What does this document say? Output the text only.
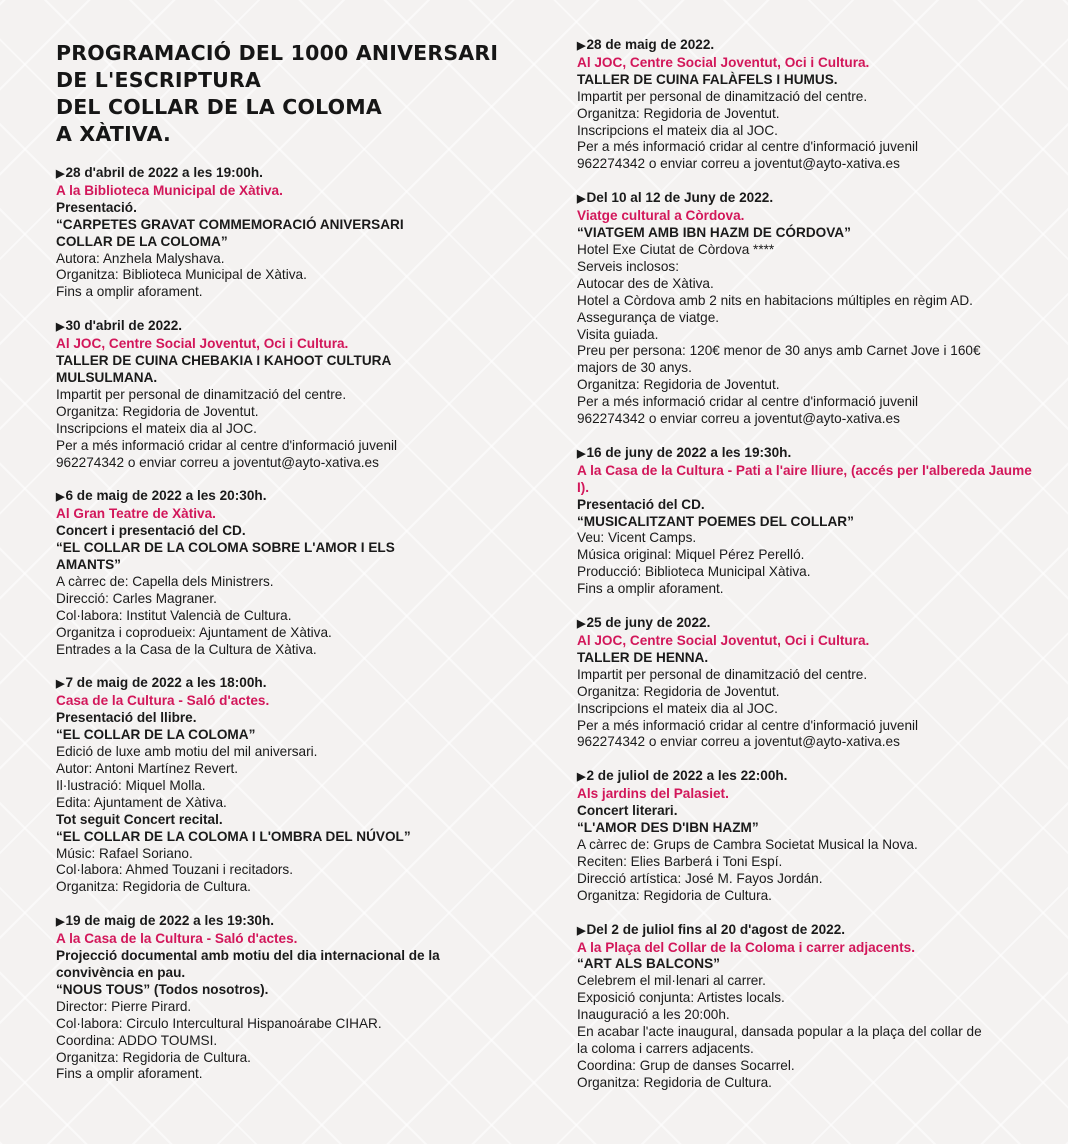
PROGRAMACIÓ DEL 1000 ANIVERSARI
DE L'ESCRIPTURA
DEL COLLAR DE LA COLOMA
A XÀTIVA.
▶28 d'abril de 2022 a les 19:00h.
A la Biblioteca Municipal de Xàtiva.
Presentació.
“CARPETES GRAVAT COMMEMORACIÓ ANIVERSARI
COLLAR DE LA COLOMA”
Autora: Anzhela Malyshava.
Organitza: Biblioteca Municipal de Xàtiva.
Fins a omplir aforament.
▶30 d'abril de 2022.
Al JOC, Centre Social Joventut, Oci i Cultura.
TALLER DE CUINA CHEBAKIA I KAHOOT CULTURA
MULSULMANA.
Impartit per personal de dinamització del centre.
Organitza: Regidoria de Joventut.
Inscripcions el mateix dia al JOC.
Per a més informació cridar al centre d'informació juvenil
962274342 o enviar correu a joventut@ayto-xativa.es
▶6 de maig de 2022 a les 20:30h.
Al Gran Teatre de Xàtiva.
Concert i presentació del CD.
“EL COLLAR DE LA COLOMA SOBRE L'AMOR I ELS
AMANTS”
A càrrec de: Capella dels Ministrers.
Direcció: Carles Magraner.
Col·labora: Institut Valencià de Cultura.
Organitza i coprodueix: Ajuntament de Xàtiva.
Entrades a la Casa de la Cultura de Xàtiva.
▶7 de maig de 2022 a les 18:00h.
Casa de la Cultura - Saló d'actes.
Presentació del llibre.
“EL COLLAR DE LA COLOMA”
Edició de luxe amb motiu del mil aniversari.
Autor: Antoni Martínez Revert.
Il·lustració: Miquel Molla.
Edita: Ajuntament de Xàtiva.
Tot seguit Concert recital.
“EL COLLAR DE LA COLOMA I L'OMBRA DEL NÚVOL”
Músic: Rafael Soriano.
Col·labora: Ahmed Touzani i recitadors.
Organitza: Regidoria de Cultura.
▶19 de maig de 2022 a les 19:30h.
A la Casa de la Cultura - Saló d'actes.
Projecció documental amb motiu del dia internacional de la
convivència en pau.
“NOUS TOUS” (Todos nosotros).
Director: Pierre Pirard.
Col·labora: Circulo Intercultural Hispanoárabe CIHAR.
Coordina: ADDO TOUMSI.
Organitza: Regidoria de Cultura.
Fins a omplir aforament.
▶28 de maig de 2022.
Al JOC, Centre Social Joventut, Oci i Cultura.
TALLER DE CUINA FALÀFELS I HUMUS.
Impartit per personal de dinamització del centre.
Organitza: Regidoria de Joventut.
Inscripcions el mateix dia al JOC.
Per a més informació cridar al centre d'informació juvenil
962274342 o enviar correu a joventut@ayto-xativa.es
▶Del 10 al 12 de Juny de 2022.
Viatge cultural a Còrdova.
“VIATGEM AMB IBN HAZM DE CÓRDOVA”
Hotel Exe Ciutat de Còrdova ****
Serveis inclosos:
Autocar des de Xàtiva.
Hotel a Còrdova amb 2 nits en habitacions múltiples en règim AD.
Assegurança de viatge.
Visita guiada.
Preu per persona: 120€ menor de 30 anys amb Carnet Jove i 160€
majors de 30 anys.
Organitza: Regidoria de Joventut.
Per a més informació cridar al centre d'informació juvenil
962274342 o enviar correu a joventut@ayto-xativa.es
▶16 de juny de 2022 a les 19:30h.
A la Casa de la Cultura - Pati a l'aire lliure, (accés per l'albereda Jaume I).
Presentació del CD.
“MUSICALITZANT POEMES DEL COLLAR”
Veu: Vicent Camps.
Música original: Miquel Pérez Perelló.
Producció: Biblioteca Municipal Xàtiva.
Fins a omplir aforament.
▶25 de juny de 2022.
Al JOC, Centre Social Joventut, Oci i Cultura.
TALLER DE HENNA.
Impartit per personal de dinamització del centre.
Organitza: Regidoria de Joventut.
Inscripcions el mateix dia al JOC.
Per a més informació cridar al centre d'informació juvenil
962274342 o enviar correu a joventut@ayto-xativa.es
▶2 de juliol de 2022 a les 22:00h.
Als jardins del Palasiet.
Concert literari.
“L'AMOR DES D'IBN HAZM”
A càrrec de: Grups de Cambra Societat Musical la Nova.
Reciten: Elies Barberá i Toni Espí.
Direcció artística: José M. Fayos Jordán.
Organitza: Regidoria de Cultura.
▶Del 2 de juliol fins al 20 d'agost de 2022.
A la Plaça del Collar de la Coloma i carrer adjacents.
“ART ALS BALCONS”
Celebrem el mil·lenari al carrer.
Exposició conjunta: Artistes locals.
Inauguració a les 20:00h.
En acabar l'acte inaugural, dansada popular a la plaça del collar de
la coloma i carrers adjacents.
Coordina: Grup de danses Socarrel.
Organitza: Regidoria de Cultura.
